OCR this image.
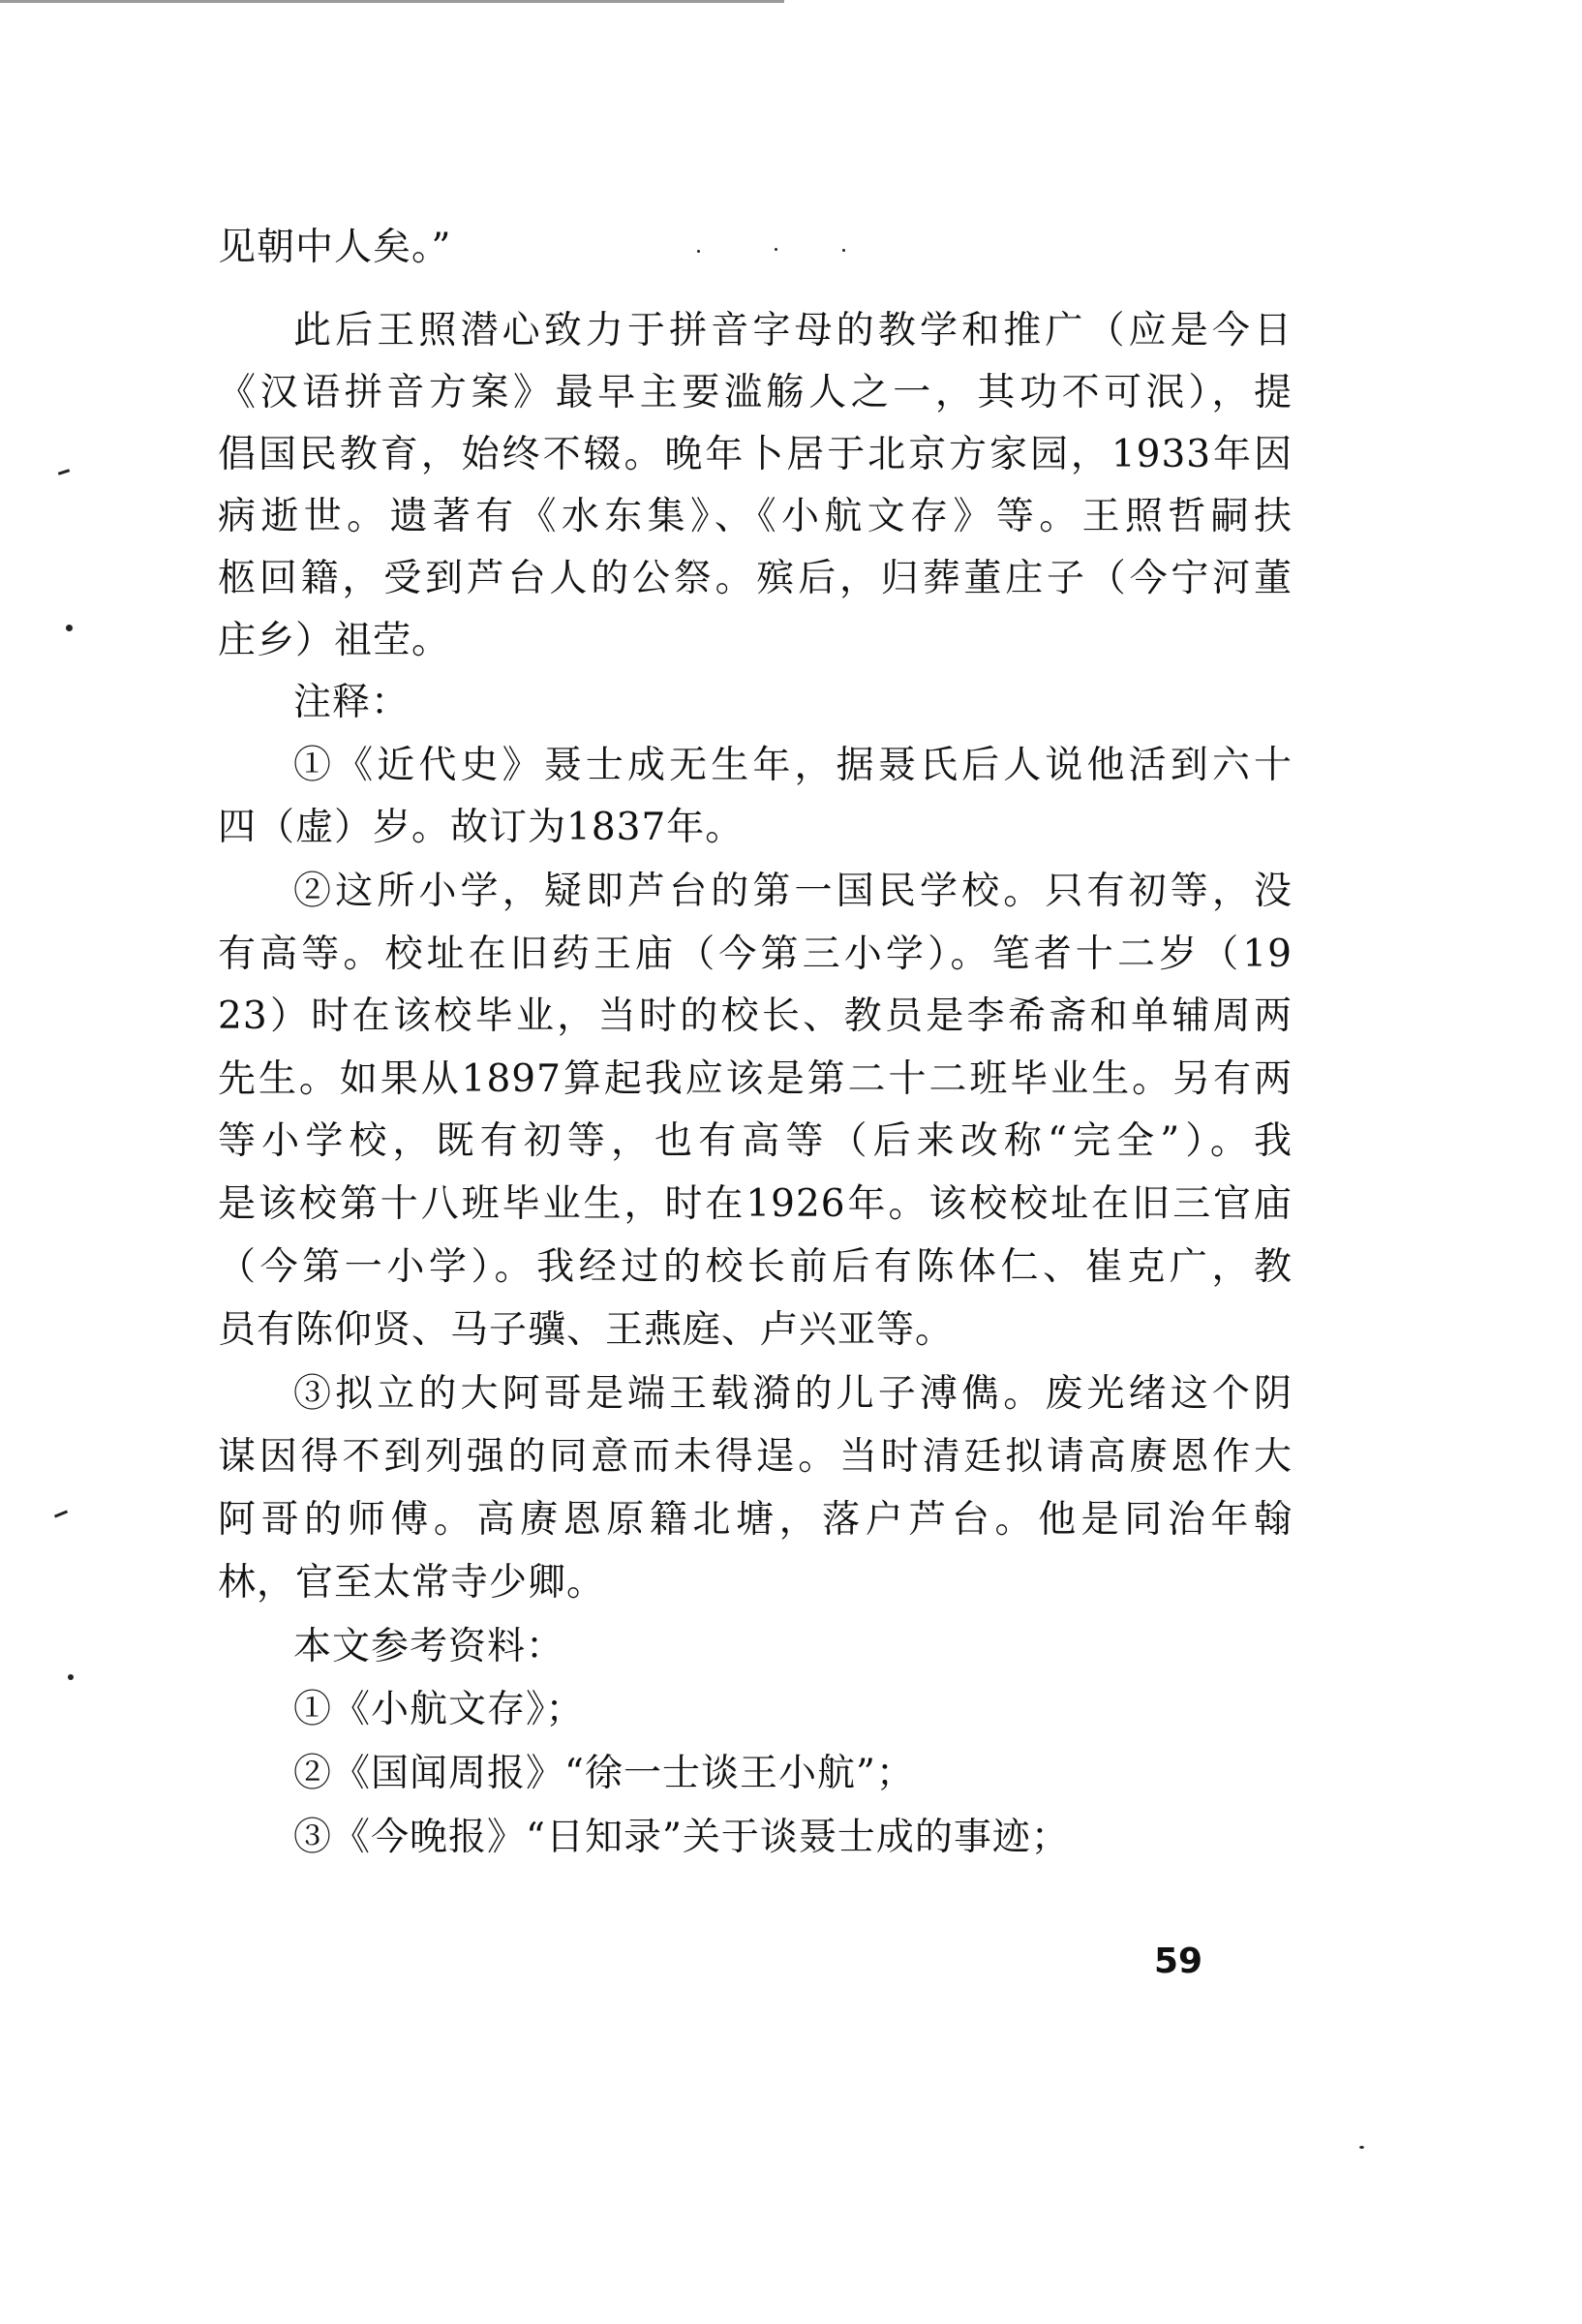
见朝中人矣。”
此后王照潜心致力于拼音字母的教学和推广（应是今日
《汉语拼音方案》最早主要滥觞人之一，其功不可泯），提
倡国民教育，始终不辍。晚年卜居于北京方家园，1933年因
病逝世。遗著有《水东集》、《小航文存》等。王照哲嗣扶
柩回籍，受到芦台人的公祭。殡后，归葬董庄子（今宁河董
庄乡）祖茔。
注释：
①《近代史》聂士成无生年，据聂氏后人说他活到六十
四（虚）岁。故订为1837年。
②这所小学，疑即芦台的第一国民学校。只有初等，没
有高等。校址在旧药王庙（今第三小学）。笔者十二岁（19
23）时在该校毕业，当时的校长、教员是李希斋和单辅周两
先生。如果从1897算起我应该是第二十二班毕业生。另有两
等小学校，既有初等，也有高等（后来改称“完全”）。我
是该校第十八班毕业生，时在1926年。该校校址在旧三官庙
（今第一小学）。我经过的校长前后有陈体仁、崔克广，教
员有陈仰贤、马子骥、王燕庭、卢兴亚等。
③拟立的大阿哥是端王载漪的儿子溥儁。废光绪这个阴
谋因得不到列强的同意而未得逞。当时清廷拟请高赓恩作大
阿哥的师傅。高赓恩原籍北塘，落户芦台。他是同治年翰
林，官至太常寺少卿。
本文参考资料：
①《小航文存》；
②《国闻周报》“徐一士谈王小航”；
③《今晚报》“日知录”关于谈聂士成的事迹；
59
